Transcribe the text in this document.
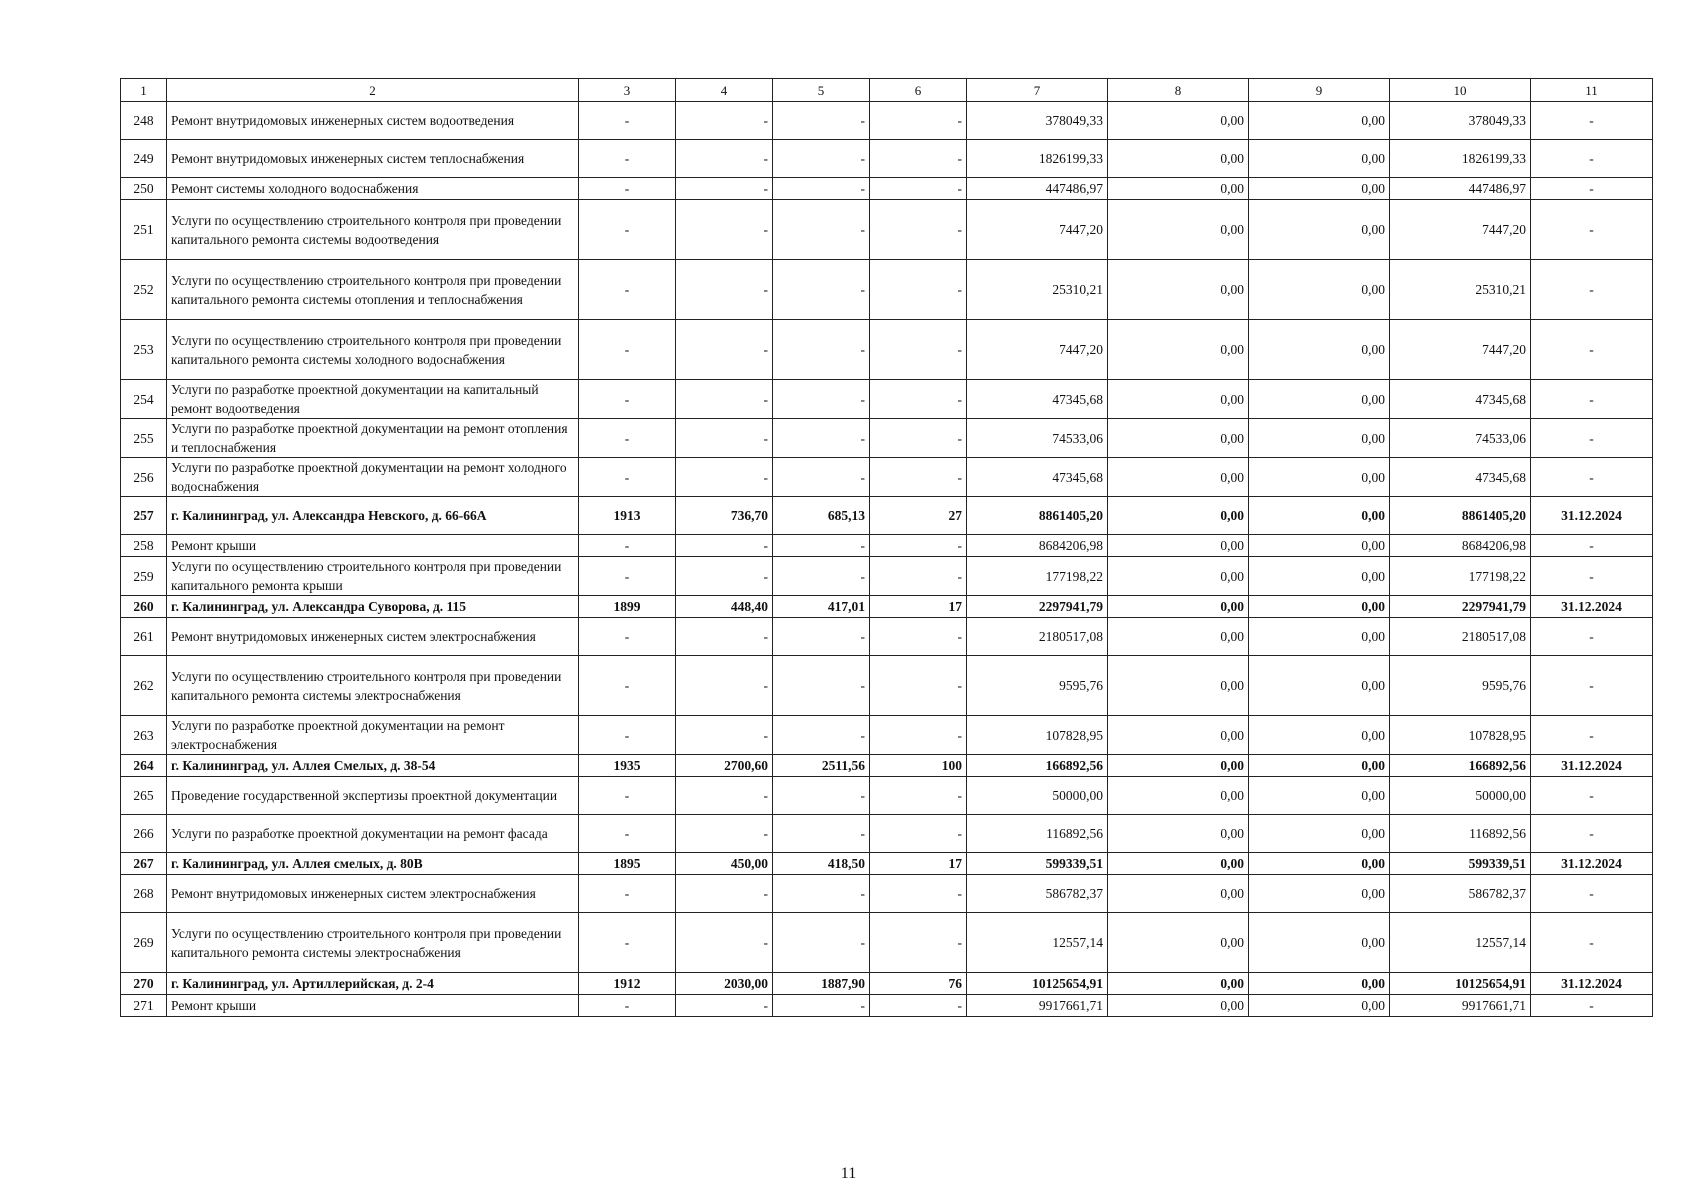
1	2	3	4	5	6	7	8	9	10	11
248	Ремонт внутридомовых инженерных систем водоотведения	-	-	-	-	378049,33	0,00	0,00	378049,33	-
249	Ремонт внутридомовых инженерных систем теплоснабжения	-	-	-	-	1826199,33	0,00	0,00	1826199,33	-
250	Ремонт системы холодного водоснабжения	-	-	-	-	447486,97	0,00	0,00	447486,97	-
251	Услуги по осуществлению строительного контроля при проведении капитального ремонта системы водоотведения	-	-	-	-	7447,20	0,00	0,00	7447,20	-
252	Услуги по осуществлению строительного контроля при проведении капитального ремонта системы отопления и теплоснабжения	-	-	-	-	25310,21	0,00	0,00	25310,21	-
253	Услуги по осуществлению строительного контроля при проведении капитального ремонта системы холодного водоснабжения	-	-	-	-	7447,20	0,00	0,00	7447,20	-
254	Услуги по разработке проектной документации на капитальный ремонт водоотведения	-	-	-	-	47345,68	0,00	0,00	47345,68	-
255	Услуги по разработке проектной документации на ремонт отопления и теплоснабжения	-	-	-	-	74533,06	0,00	0,00	74533,06	-
256	Услуги по разработке проектной документации на ремонт холодного водоснабжения	-	-	-	-	47345,68	0,00	0,00	47345,68	-
257	г. Калининград, ул. Александра Невского, д. 66-66А	1913	736,70	685,13	27	8861405,20	0,00	0,00	8861405,20	31.12.2024
258	Ремонт крыши	-	-	-	-	8684206,98	0,00	0,00	8684206,98	-
259	Услуги по осуществлению строительного контроля при проведении капитального ремонта крыши	-	-	-	-	177198,22	0,00	0,00	177198,22	-
260	г. Калининград, ул. Александра Суворова, д. 115	1899	448,40	417,01	17	2297941,79	0,00	0,00	2297941,79	31.12.2024
261	Ремонт внутридомовых инженерных систем электроснабжения	-	-	-	-	2180517,08	0,00	0,00	2180517,08	-
262	Услуги по осуществлению строительного контроля при проведении капитального ремонта системы электроснабжения	-	-	-	-	9595,76	0,00	0,00	9595,76	-
263	Услуги по разработке проектной документации на ремонт электроснабжения	-	-	-	-	107828,95	0,00	0,00	107828,95	-
264	г. Калининград, ул. Аллея Смелых, д. 38-54	1935	2700,60	2511,56	100	166892,56	0,00	0,00	166892,56	31.12.2024
265	Проведение государственной экспертизы проектной документации	-	-	-	-	50000,00	0,00	0,00	50000,00	-
266	Услуги по разработке проектной документации на ремонт фасада	-	-	-	-	116892,56	0,00	0,00	116892,56	-
267	г. Калининград, ул. Аллея смелых, д. 80В	1895	450,00	418,50	17	599339,51	0,00	0,00	599339,51	31.12.2024
268	Ремонт внутридомовых инженерных систем электроснабжения	-	-	-	-	586782,37	0,00	0,00	586782,37	-
269	Услуги по осуществлению строительного контроля при проведении капитального ремонта системы электроснабжения	-	-	-	-	12557,14	0,00	0,00	12557,14	-
270	г. Калининград, ул. Артиллерийская, д. 2-4	1912	2030,00	1887,90	76	10125654,91	0,00	0,00	10125654,91	31.12.2024
271	Ремонт крыши	-	-	-	-	9917661,71	0,00	0,00	9917661,71	-
11
